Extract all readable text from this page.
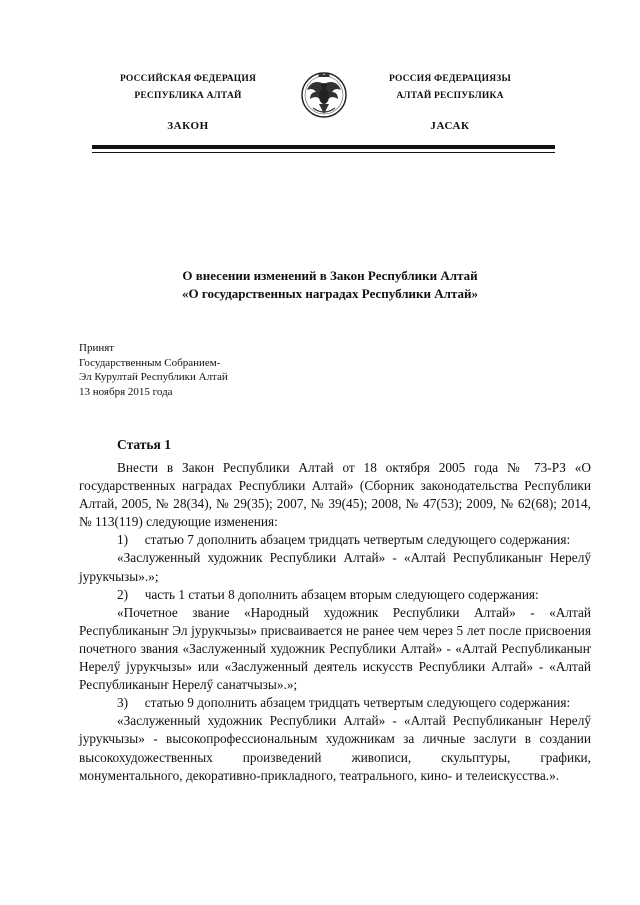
РОССИЙСКАЯ ФЕДЕРАЦИЯ
РЕСПУБЛИКА АЛТАЙ
ЗАКОН
РОССИЯ ФЕДЕРАЦИЯЗЫ
АЛТАЙ РЕСПУБЛИКА
JАСАК
О внесении изменений в Закон Республики Алтай
«О государственных наградах Республики Алтай»
Принят
Государственным Собранием-
Эл Курултай Республики Алтай
13 ноября 2015 года
Статья 1

Внести в Закон Республики Алтай от 18 октября 2005 года № 73-РЗ «О государственных наградах Республики Алтай» (Сборник законодательства Республики Алтай, 2005, № 28(34), № 29(35); 2007, № 39(45); 2008, № 47(53); 2009, № 62(68); 2014, № 113(119) следующие изменения:

1)     статью 7 дополнить абзацем тридцать четвертым следующего содержания:

«Заслуженный художник Республики Алтай» - «Алтай Республиканыҥ Нерелӳ jурукчызы».»;

2)     часть 1 статьи 8 дополнить абзацем вторым следующего содержания:

«Почетное звание «Народный художник Республики Алтай» - «Алтай Республиканыҥ Эл jурукчызы» присваивается не ранее чем через 5 лет после присвоения почетного звания «Заслуженный художник Республики Алтай» - «Алтай Республиканыҥ Нерелӳ jурукчызы» или «Заслуженный деятель искусств Республики Алтай» - «Алтай Республиканыҥ Нерелӳ санатчызы».»;

3)     статью 9 дополнить абзацем тридцать четвертым следующего содержания:

«Заслуженный художник Республики Алтай» - «Алтай Республиканыҥ Нерелӳ jурукчызы» - высокопрофессиональным художникам за личные заслуги в создании высокохудожественных произведений живописи, скульптуры, графики, монументального, декоративно-прикладного, театрального, кино- и телеискусства.».
